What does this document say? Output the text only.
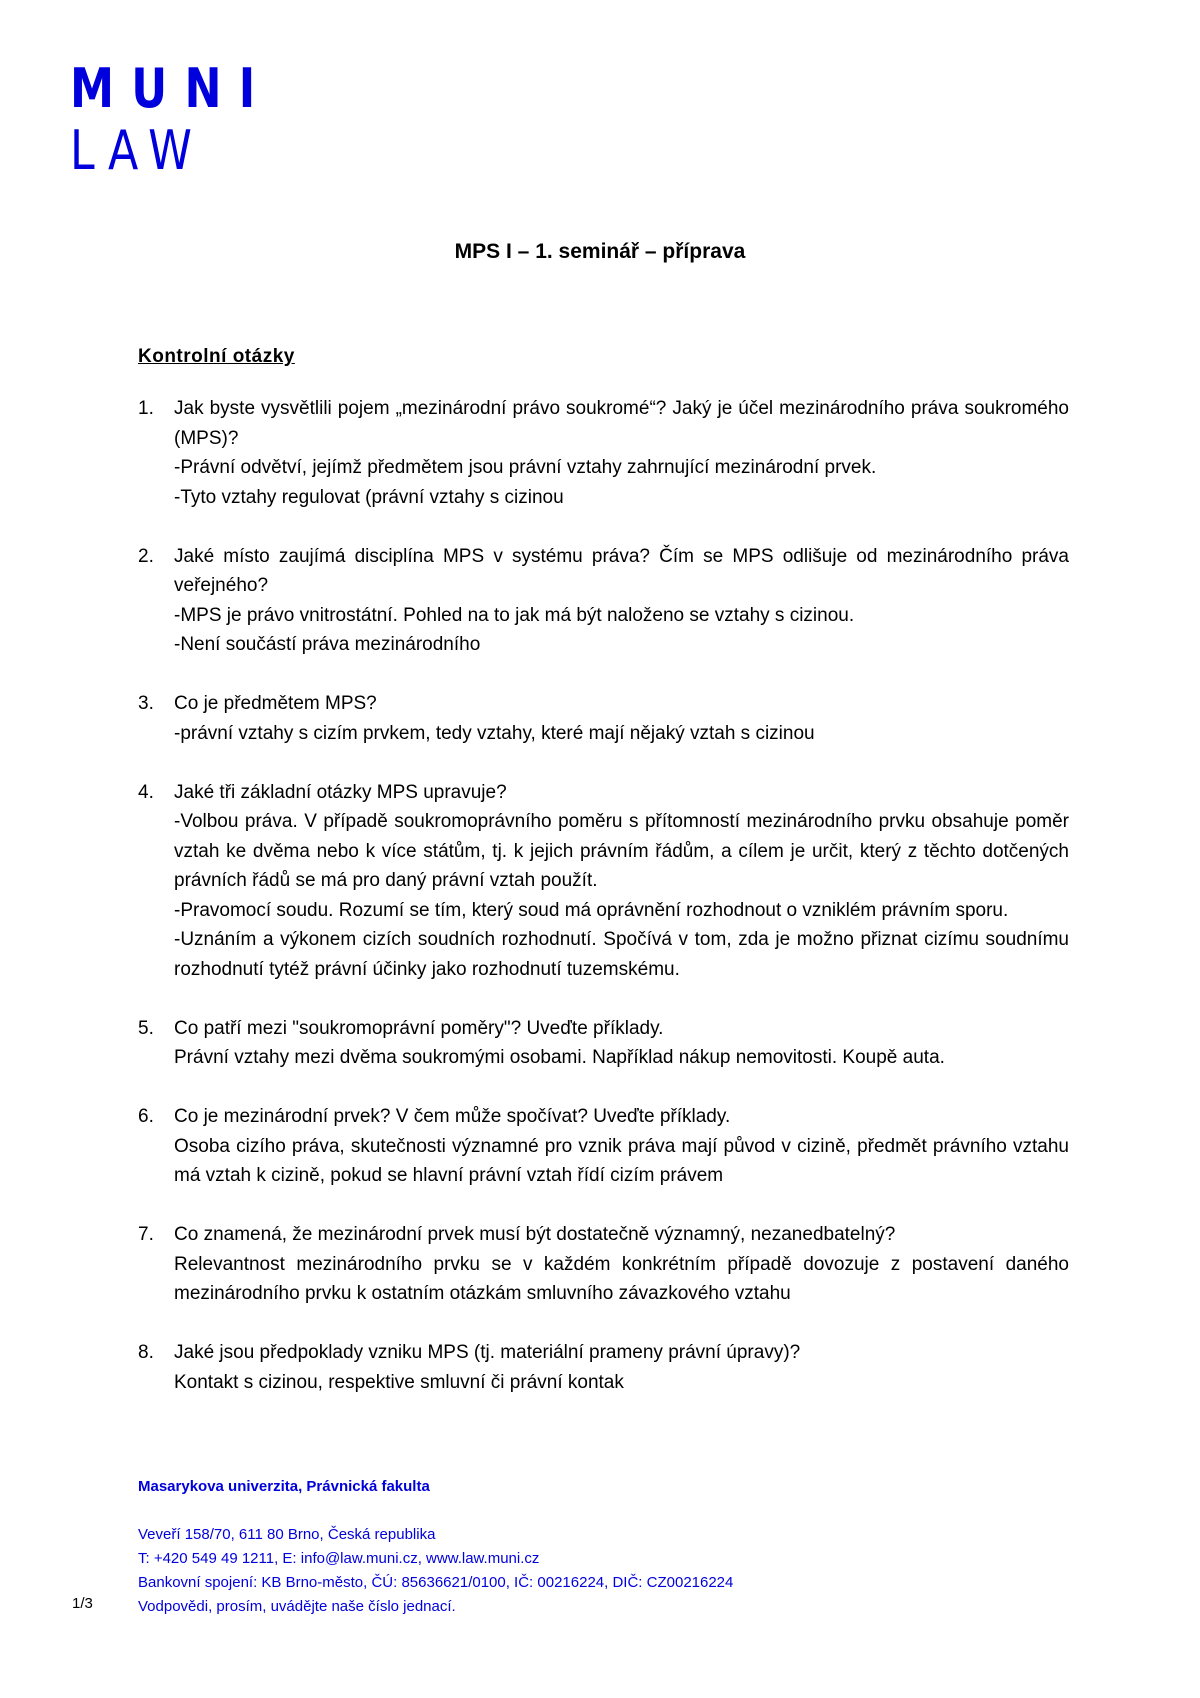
MUNI
LAW
MPS I – 1. seminář – příprava
Kontrolní otázky
1. Jak byste vysvětlili pojem „mezinárodní právo soukromé“? Jaký je účel mezinárodního práva soukromého (MPS)?
-Právní odvětví, jejímž předmětem jsou právní vztahy zahrnující mezinárodní prvek.
-Tyto vztahy regulovat (právní vztahy s cizinou
2. Jaké místo zaujímá disciplína MPS v systému práva? Čím se MPS odlišuje od mezinárodního práva veřejného?
-MPS je právo vnitrostátní. Pohled na to jak má být naloženo se vztahy s cizinou.
-Není součástí práva mezinárodního
3. Co je předmětem MPS?
-právní vztahy s cizím prvkem, tedy vztahy, které mají nějaký vztah s cizinou
4. Jaké tři základní otázky MPS upravuje?
-Volbou práva. V případě soukromoprávního poměru s přítomností mezinárodního prvku obsahuje poměr vztah ke dvěma nebo k více státům, tj. k jejich právním řádům, a cílem je určit, který z těchto dotčených právních řádů se má pro daný právní vztah použít.
-Pravomocí soudu. Rozumí se tím, který soud má oprávnění rozhodnout o vzniklém právním sporu.
-Uznáním a výkonem cizích soudních rozhodnutí. Spočívá v tom, zda je možno přiznat cizímu soudnímu rozhodnutí tytéž právní účinky jako rozhodnutí tuzemskému.
5. Co patří mezi "soukromoprávní poměry"? Uveďte příklady.
Právní vztahy mezi dvěma soukromými osobami. Například nákup nemovitosti. Koupě auta.
6. Co je mezinárodní prvek? V čem může spočívat? Uveďte příklady.
Osoba cizího práva, skutečnosti významné pro vznik práva mají původ v cizině, předmět právního vztahu má vztah k cizině, pokud se hlavní právní vztah řídí cizím právem
7. Co znamená, že mezinárodní prvek musí být dostatečně významný, nezanedbatelný?
Relevantnost mezinárodního prvku se v každém konkrétním případě dovozuje z postavení daného mezinárodního prvku k ostatním otázkám smluvního závazkového vztahu
8. Jaké jsou předpoklady vzniku MPS (tj. materiální prameny právní úpravy)?
Kontakt s cizinou, respektive smluvní či právní kontak
Masarykova univerzita, Právnická fakulta
Veveří 158/70, 611 80 Brno, Česká republika
T: +420 549 49 1211, E: info@law.muni.cz, www.law.muni.cz
Bankovní spojení: KB Brno-město, ČÚ: 85636621/0100, IČ: 00216224, DIČ: CZ00216224
Vodpovědi, prosím, uvádějte naše číslo jednací.
1/3
